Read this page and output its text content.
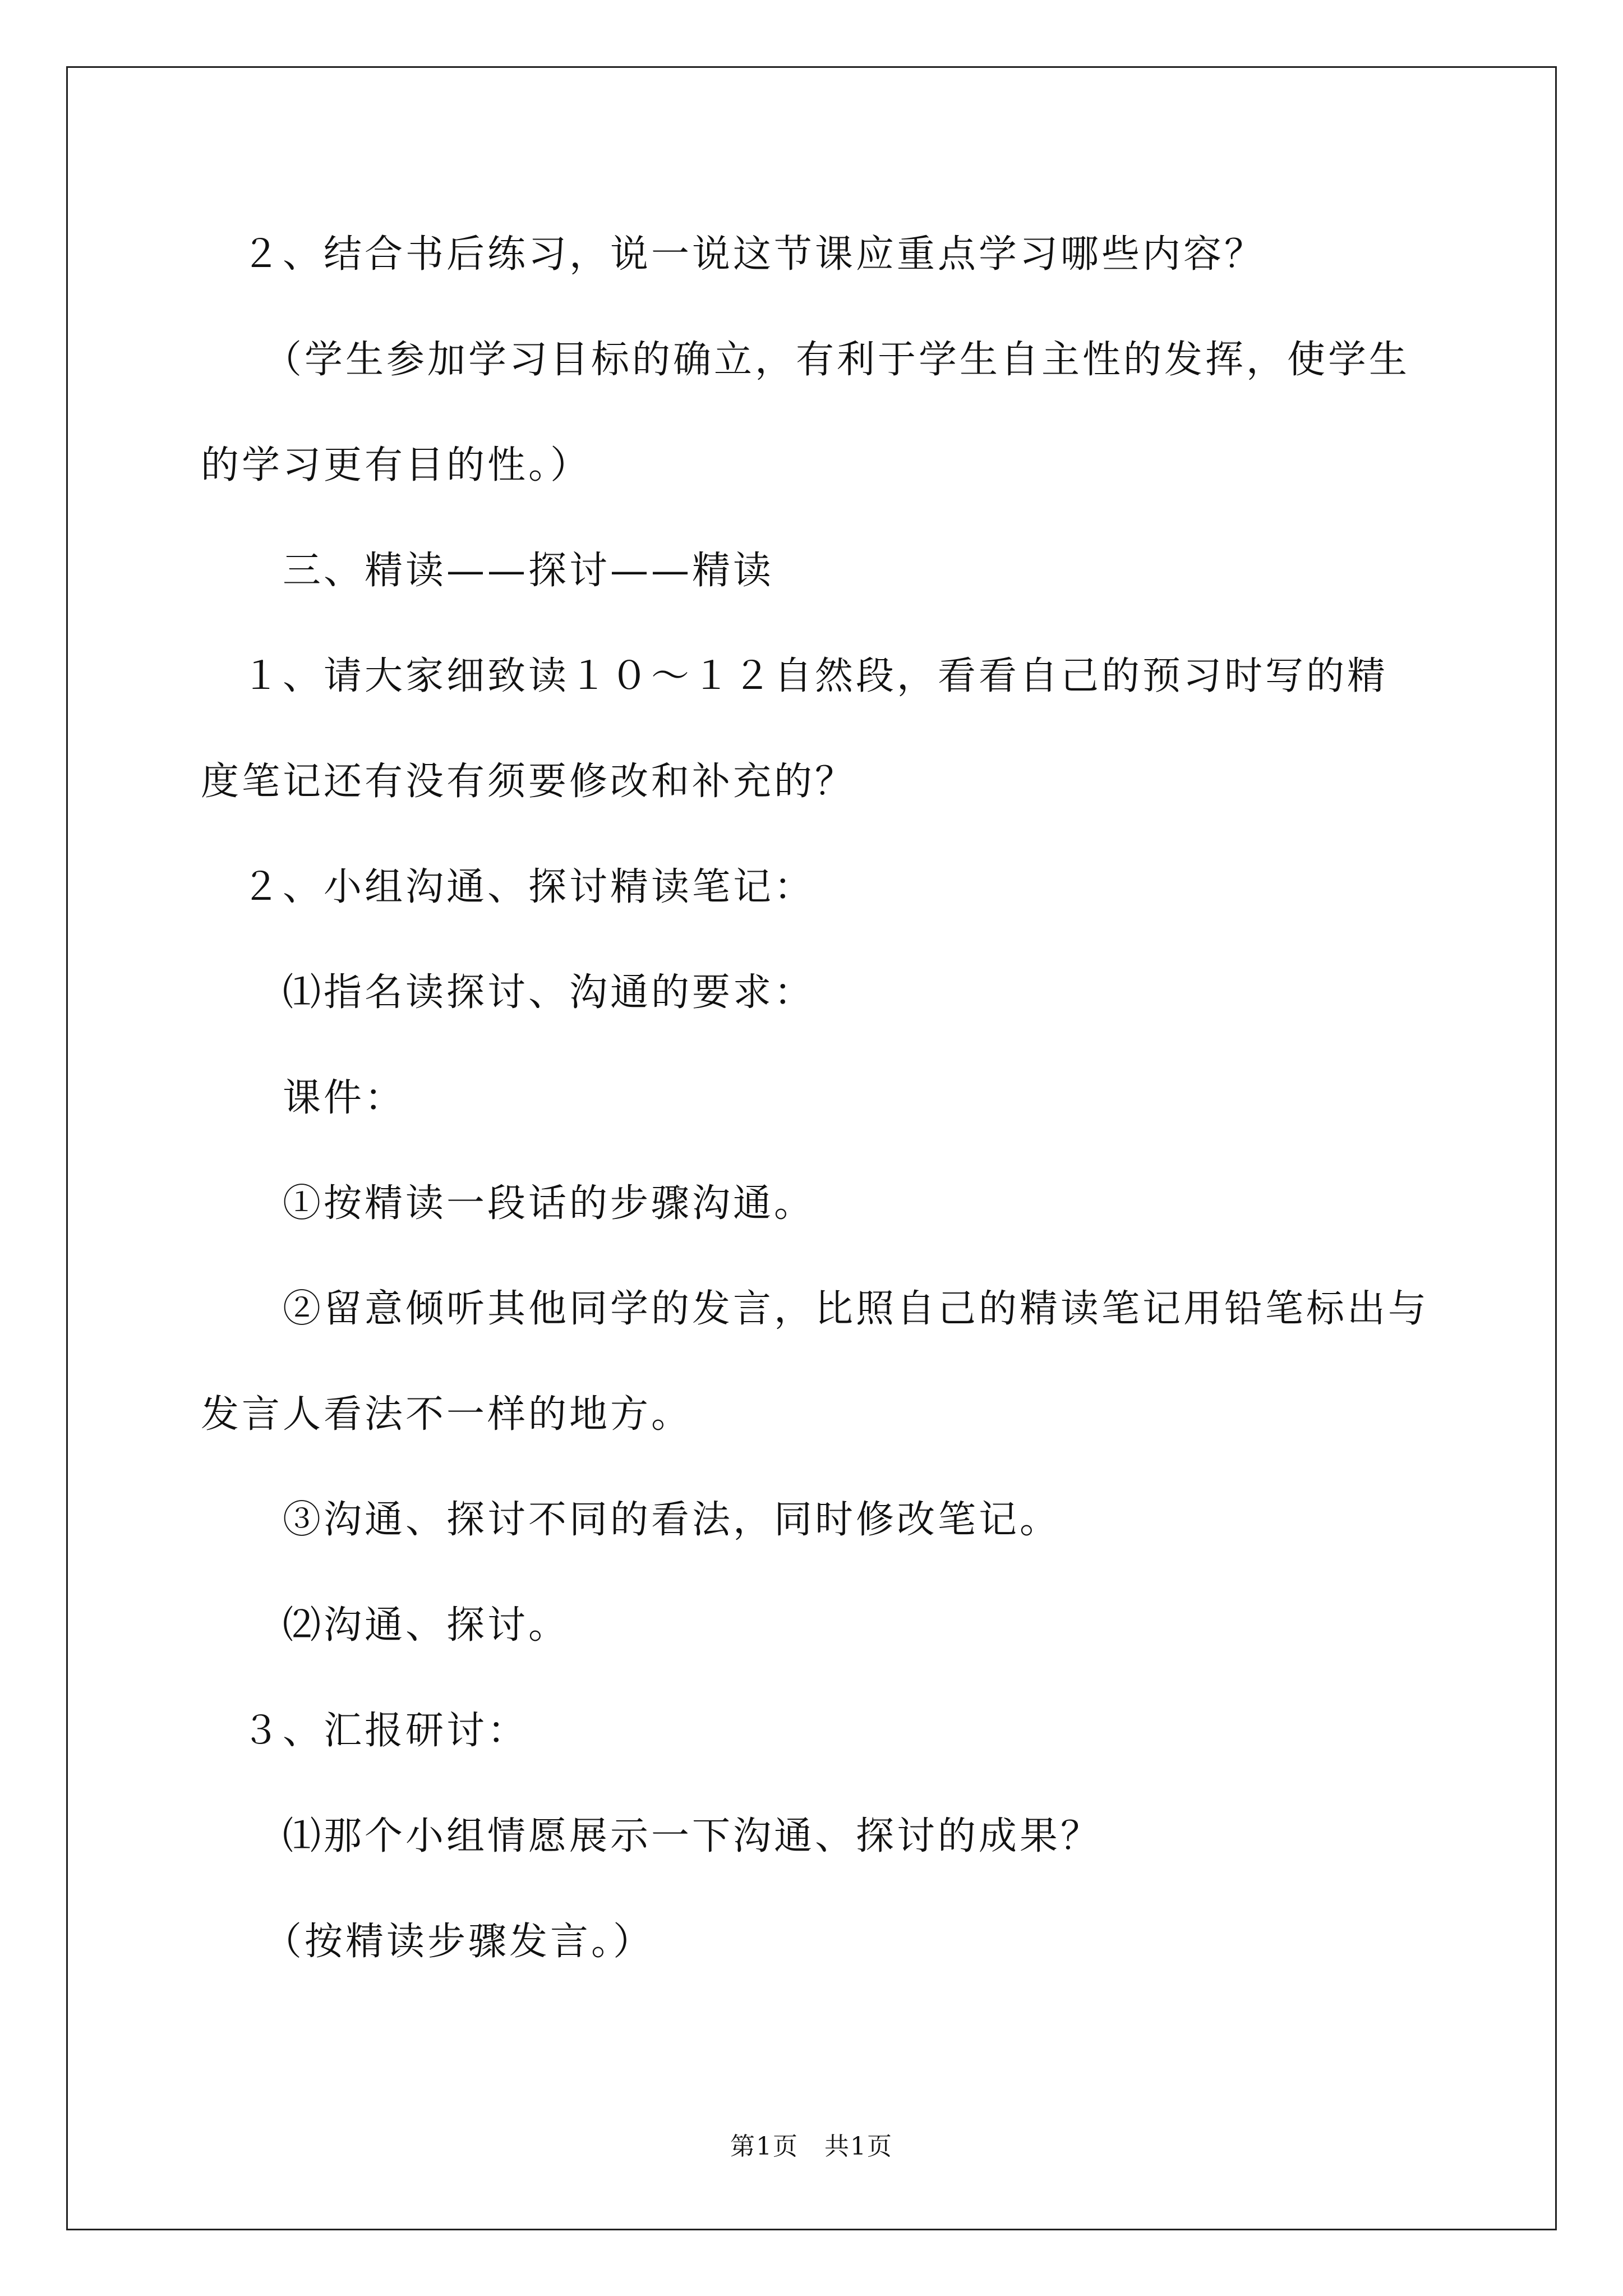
　２、结合书后练习，说一说这节课应重点学习哪些内容？
　　（学生参加学习目标的确立，有利于学生自主性的发挥，使学生
的学习更有目的性。）
　　三、精读——探讨——精读
　１、请大家细致读１０～１２自然段，看看自己的预习时写的精
度笔记还有没有须要修改和补充的？
　２、小组沟通、探讨精读笔记：
　　⑴指名读探讨、沟通的要求：
　　课件：
　　①按精读一段话的步骤沟通。
　　②留意倾听其他同学的发言，比照自己的精读笔记用铅笔标出与
发言人看法不一样的地方。
　　③沟通、探讨不同的看法，同时修改笔记。
　　⑵沟通、探讨。
　３、汇报研讨：
　　⑴那个小组情愿展示一下沟通、探讨的成果？
　　（按精读步骤发言。）
第1页　共1页
